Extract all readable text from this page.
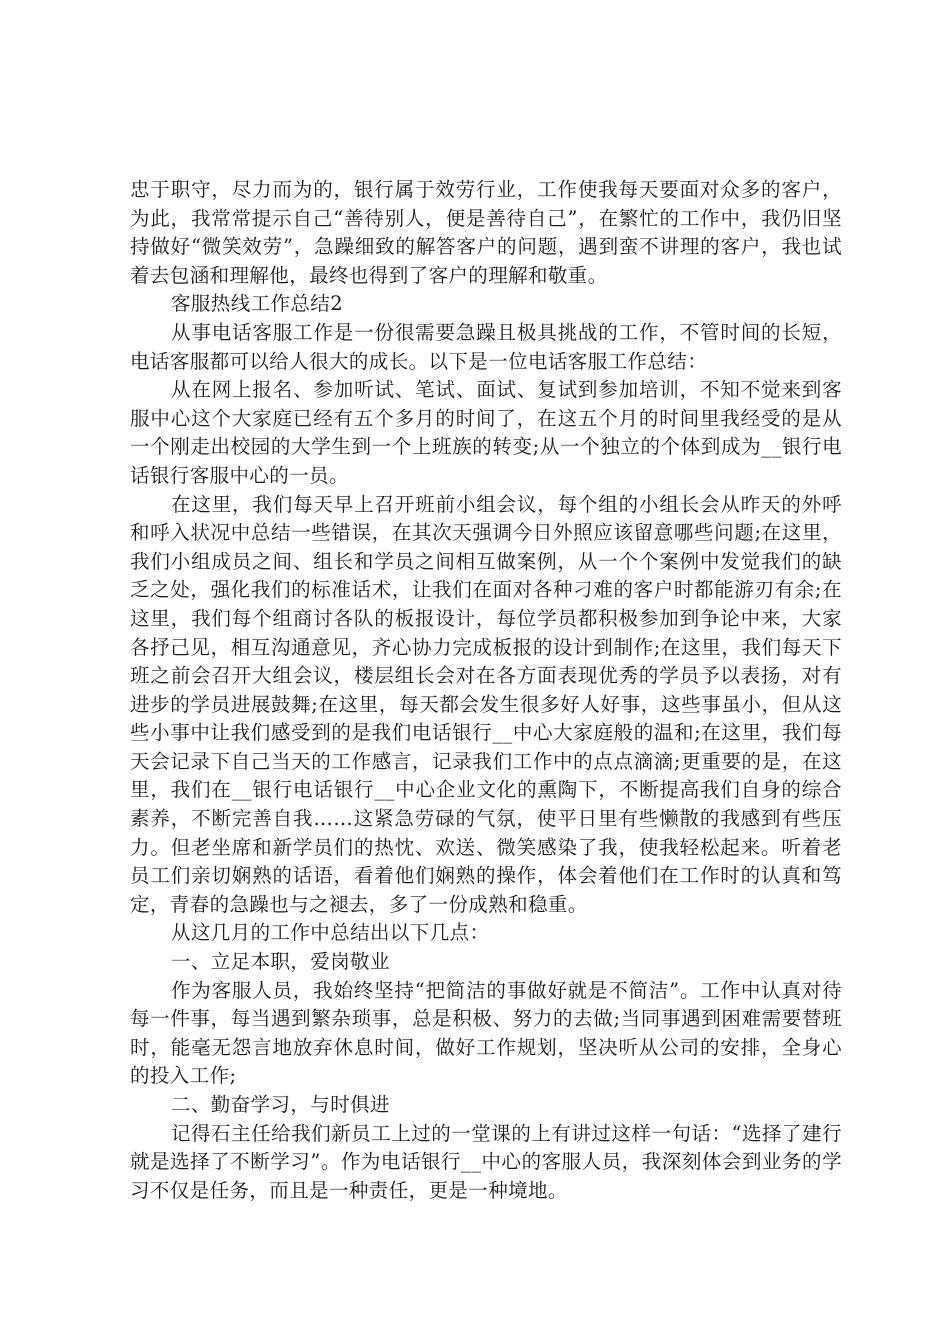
忠于职守，尽力而为的，银行属于效劳行业，工作使我每天要面对众多的客户，为此，我常常提示自己“善待别人，便是善待自己”，在繁忙的工作中，我仍旧坚持做好“微笑效劳”，急躁细致的解答客户的问题，遇到蛮不讲理的客户，我也试着去包涵和理解他，最终也得到了客户的理解和敬重。

客服热线工作总结2

从事电话客服工作是一份很需要急躁且极具挑战的工作，不管时间的长短，电话客服都可以给人很大的成长。以下是一位电话客服工作总结：

从在网上报名、参加听试、笔试、面试、复试到参加培训，不知不觉来到客服中心这个大家庭已经有五个多月的时间了，在这五个月的时间里我经受的是从一个刚走出校园的大学生到一个上班族的转变;从一个独立的个体到成为__银行电话银行客服中心的一员。

在这里，我们每天早上召开班前小组会议，每个组的小组长会从昨天的外呼和呼入状况中总结一些错误，在其次天强调今日外照应该留意哪些问题;在这里，我们小组成员之间、组长和学员之间相互做案例，从一个个案例中发觉我们的缺乏之处，强化我们的标准话术，让我们在面对各种刁难的客户时都能游刃有余;在这里，我们每个组商讨各队的板报设计，每位学员都积极参加到争论中来，大家各抒己见，相互沟通意见，齐心协力完成板报的设计到制作;在这里，我们每天下班之前会召开大组会议，楼层组长会对在各方面表现优秀的学员予以表扬，对有进步的学员进展鼓舞;在这里，每天都会发生很多好人好事，这些事虽小，但从这些小事中让我们感受到的是我们电话银行__中心大家庭般的温和;在这里，我们每天会记录下自己当天的工作感言，记录我们工作中的点点滴滴;更重要的是，在这里，我们在__银行电话银行__中心企业文化的熏陶下，不断提高我们自身的综合素养，不断完善自我……这紧急劳碌的气氛，使平日里有些懒散的我感到有些压力。但老坐席和新学员们的热忱、欢送、微笑感染了我，使我轻松起来。听着老员工们亲切娴熟的话语，看着他们娴熟的操作，体会着他们在工作时的认真和笃定，青春的急躁也与之褪去，多了一份成熟和稳重。

从这几月的工作中总结出以下几点：

一、立足本职，爱岗敬业

作为客服人员，我始终坚持“把简洁的事做好就是不简洁”。工作中认真对待每一件事，每当遇到繁杂琐事，总是积极、努力的去做;当同事遇到困难需要替班时，能毫无怨言地放弃休息时间，做好工作规划，坚决听从公司的安排，全身心的投入工作;

二、勤奋学习，与时俱进

记得石主任给我们新员工上过的一堂课的上有讲过这样一句话：“选择了建行就是选择了不断学习”。作为电话银行__中心的客服人员，我深刻体会到业务的学习不仅是任务，而且是一种责任，更是一种境地。
